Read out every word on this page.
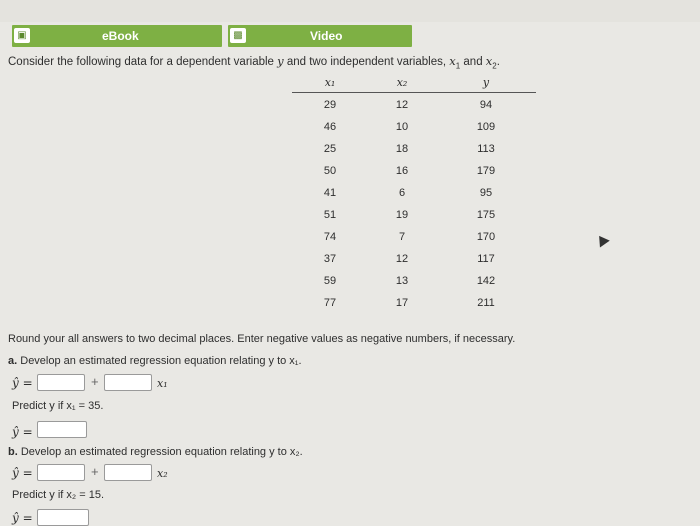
▣	eBook	▩	Video
Consider the following data for a dependent variable y and two independent variables, $x_1$ and $x_2$.
x₁	x₂	y
29	12	94
46	10	109
25	18	113
50	16	179
41	6	95
51	19	175
74	7	170
37	12	117
59	13	142
77	17	211
Round your all answers to two decimal places. Enter negative values as negative numbers, if necessary.
a. Develop an estimated regression equation relating y to x₁.
ŷ =	+	x₁
Predict y if x₁ = 35.
ŷ =
b. Develop an estimated regression equation relating y to x₂.
ŷ =	+	x₂
Predict y if x₂ = 15.
ŷ =
